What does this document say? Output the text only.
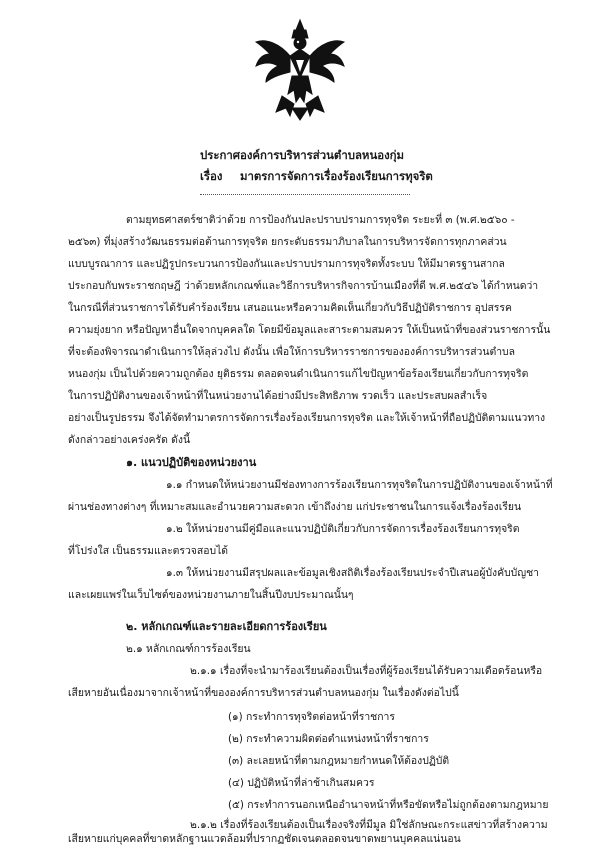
ประกาศองค์การบริหารส่วนตำบลหนองกุ่ม
เรื่อง มาตรการจัดการเรื่องร้องเรียนการทุจริต
ตามยุทธศาสตร์ชาติว่าด้วย การป้องกันปละปราบปรามการทุจริต ระยะที่ ๓ (พ.ศ.๒๕๖๐ -
๒๕๖๓) ที่มุ่งสร้างวัฒนธรรมต่อต้านการทุจริต ยกระดับธรรมาภิบาลในการบริหารจัดการทุกภาคส่วน
แบบบูรณาการ และปฏิรูปกระบวนการป้องกันและปราบปรามการทุจริตทั้งระบบ ให้มีมาตรฐานสากล
ประกอบกับพระราชกฤษฎี ว่าด้วยหลักเกณฑ์และวิธีการบริหารกิจการบ้านเมืองที่ดี พ.ศ.๒๕๔๖ ได้กำหนดว่า
ในกรณีที่ส่วนราชการได้รับคำร้องเรียน เสนอแนะหรือความคิดเห็นเกี่ยวกับวิธีปฏิบัติราชการ อุปสรรค
ความยุ่งยาก หรือปัญหาอื่นใดจากบุคคลใด โดยมีข้อมูลและสาระตามสมควร ให้เป็นหน้าที่ของส่วนราชการนั้น
ที่จะต้องพิจารณาดำเนินการให้ลุล่วงไป ดังนั้น เพื่อให้การบริหารราชการขององค์การบริหารส่วนตำบล
หนองกุ่ม เป็นไปด้วยความถูกต้อง ยุติธรรม ตลอดจนดำเนินการแก้ไขปัญหาข้อร้องเรียนเกี่ยวกับการทุจริต
ในการปฏิบัติงานของเจ้าหน้าที่ในหน่วยงานได้อย่างมีประสิทธิภาพ รวดเร็ว และประสบผลสำเร็จ
อย่างเป็นรูปธรรม จึงได้จัดทำมาตรการจัดการเรื่องร้องเรียนการทุจริต และให้เจ้าหน้าที่ถือปฏิบัติตามแนวทาง
ดังกล่าวอย่างเคร่งครัด ดังนี้
๑. แนวปฏิบัติของหน่วยงาน
๑.๑ กำหนดให้หน่วยงานมีช่องทางการร้องเรียนการทุจริตในการปฏิบัติงานของเจ้าหน้าที่
ผ่านช่องทางต่างๆ ที่เหมาะสมและอำนวยความสะดวก เข้าถึงง่าย แก่ประชาชนในการแจ้งเรื่องร้องเรียน
๑.๒ ให้หน่วยงานมีคู่มือและแนวปฏิบัติเกี่ยวกับการจัดการเรื่องร้องเรียนการทุจริต
ที่โปร่งใส เป็นธรรมและตรวจสอบได้
๑.๓ ให้หน่วยงานมีสรุปผลและข้อมูลเชิงสถิติเรื่องร้องเรียนประจำปีเสนอผู้บังคับบัญชา
และเผยแพร่ในเว็บไซต์ของหน่วยงานภายในสิ้นปีงบประมาณนั้นๆ
๒. หลักเกณฑ์และรายละเอียดการร้องเรียน
๒.๑ หลักเกณฑ์การร้องเรียน
๒.๑.๑ เรื่องที่จะนำมาร้องเรียนต้องเป็นเรื่องที่ผู้ร้องเรียนได้รับความเดือดร้อนหรือ
เสียหายอันเนื่องมาจากเจ้าหน้าที่ขององค์การบริหารส่วนตำบลหนองกุ่ม ในเรื่องดังต่อไปนี้
(๑) กระทำการทุจริตต่อหน้าที่ราชการ
(๒) กระทำความผิดต่อตำแหน่งหน้าที่ราชการ
(๓) ละเลยหน้าที่ตามกฎหมายกำหนดให้ต้องปฏิบัติ
(๔) ปฏิบัติหน้าที่ล่าช้าเกินสมควร
(๕) กระทำการนอกเหนืออำนาจหน้าที่หรือขัดหรือไม่ถูกต้องตามกฎหมาย
๒.๑.๒ เรื่องที่ร้องเรียนต้องเป็นเรื่องจริงที่มีมูล มิใช่ลักษณะกระแสข่าวที่สร้างความ
เสียหายแก่บุคคลที่ขาดหลักฐานแวดล้อมที่ปรากฏชัดเจนตลอดจนขาดพยานบุคคลแน่นอน
